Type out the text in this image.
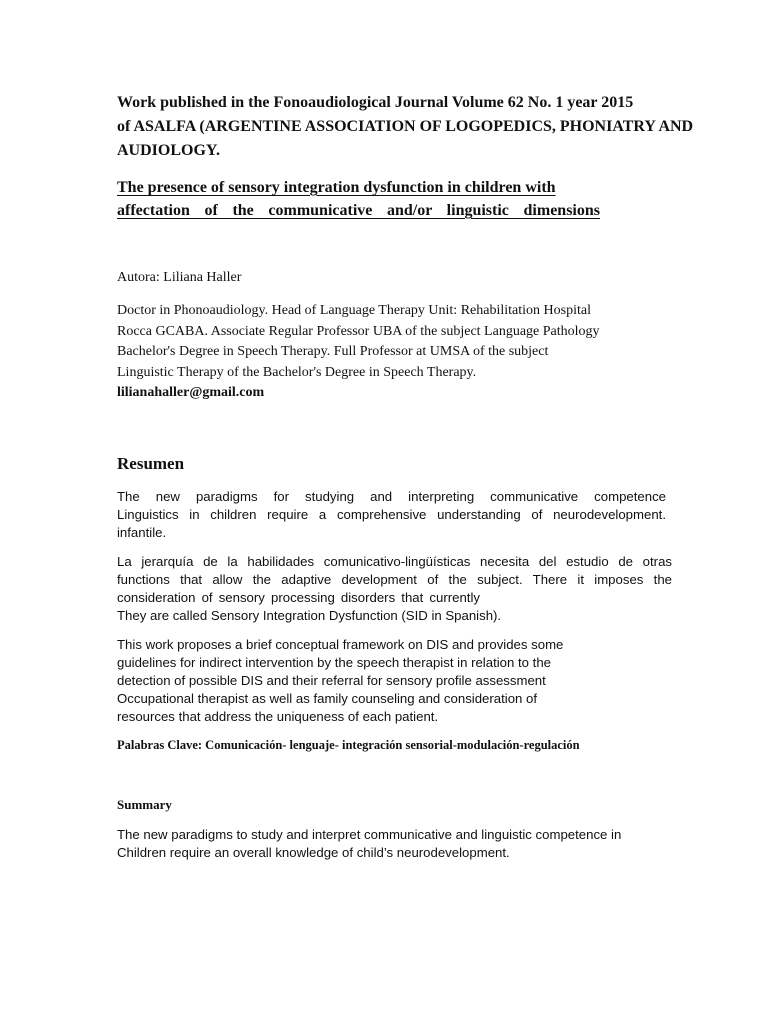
Work published in the Fonoaudiological Journal Volume 62 No. 1 year 2015
of ASALFA (ARGENTINE ASSOCIATION OF LOGOPEDICS, PHONIATRY AND
AUDIOLOGY.
The presence of sensory integration dysfunction in children with
affectation of the communicative and/or linguistic dimensions
Autora: Liliana Haller
Doctor in Phonoaudiology. Head of Language Therapy Unit: Rehabilitation Hospital
Rocca GCABA. Associate Regular Professor UBA of the subject Language Pathology
Bachelor's Degree in Speech Therapy. Full Professor at UMSA of the subject
Linguistic Therapy of the Bachelor's Degree in Speech Therapy.
lilianahaller@gmail.com
Resumen
The new paradigms for studying and interpreting communicative competence
Linguistics in children require a comprehensive understanding of neurodevelopment.
infantile.
La jerarquía de la habilidades comunicativo-lingüísticas necesita del estudio de otras
functions that allow the adaptive development of the subject. There it imposes the
consideration of sensory processing disorders that currently
They are called Sensory Integration Dysfunction (SID in Spanish).
This work proposes a brief conceptual framework on DIS and provides some
guidelines for indirect intervention by the speech therapist in relation to the
detection of possible DIS and their referral for sensory profile assessment
Occupational therapist as well as family counseling and consideration of
resources that address the uniqueness of each patient.
Palabras Clave: Comunicación- lenguaje- integración sensorial-modulación-regulación
Summary
The new paradigms to study and interpret communicative and linguistic competence in
Children require an overall knowledge of child’s neurodevelopment.
